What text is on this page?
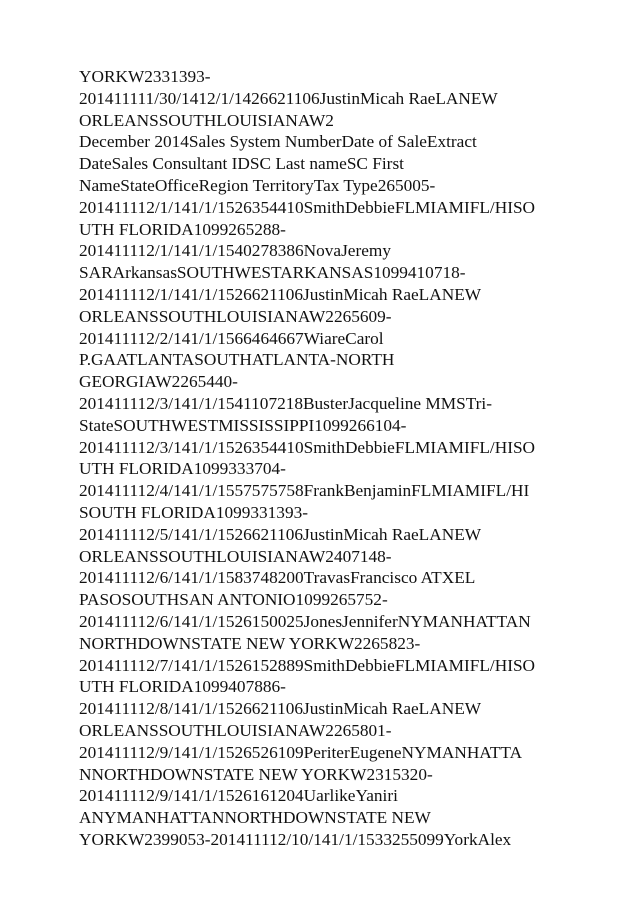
YORKW2331393-
201411111/30/1412/1/1426621106JustinMicah RaeLANEW
ORLEANSSOUTHLOUISIANAW2
December 2014Sales System NumberDate of SaleExtract
DateSales Consultant IDSC Last nameSC First
NameStateOfficeRegion TerritoryTax Type265005-
201411112/1/141/1/1526354410SmithDebbieFLMIAMIFL/HISO
UTH FLORIDA1099265288-
201411112/1/141/1/1540278386NovaJeremy
SARArkansasSOUTHWESTARKANSAS1099410718-
201411112/1/141/1/1526621106JustinMicah RaeLANEW
ORLEANSSOUTHLOUISIANAW2265609-
201411112/2/141/1/1566464667WiareCarol
P.GAATLANTASOUTHATLANTA-NORTH
GEORGIAW2265440-
201411112/3/141/1/1541107218BusterJacqueline MMSTri-
StateSOUTHWESTMISSISSIPPI1099266104-
201411112/3/141/1/1526354410SmithDebbieFLMIAMIFL/HISO
UTH FLORIDA1099333704-
201411112/4/141/1/1557575758FrankBenjaminFLMIAMIFL/HI
SOUTH FLORIDA1099331393-
201411112/5/141/1/1526621106JustinMicah RaeLANEW
ORLEANSSOUTHLOUISIANAW2407148-
201411112/6/141/1/1583748200TravasFrancisco ATXEL
PASOSOUTHSAN ANTONIO1099265752-
201411112/6/141/1/1526150025JonesJenniferNYMANHATTAN
NORTHDOWNSTATE NEW YORKW2265823-
201411112/7/141/1/1526152889SmithDebbieFLMIAMIFL/HISO
UTH FLORIDA1099407886-
201411112/8/141/1/1526621106JustinMicah RaeLANEW
ORLEANSSOUTHLOUISIANAW2265801-
201411112/9/141/1/1526526109PeriterEugeneNYMANHATTA
NNORTHDOWNSTATE NEW YORKW2315320-
201411112/9/141/1/1526161204UarlikeYaniri
ANYMANHATTANNORTHDOWNSTATE NEW
YORKW2399053-201411112/10/141/1/1533255099YorkAlex
